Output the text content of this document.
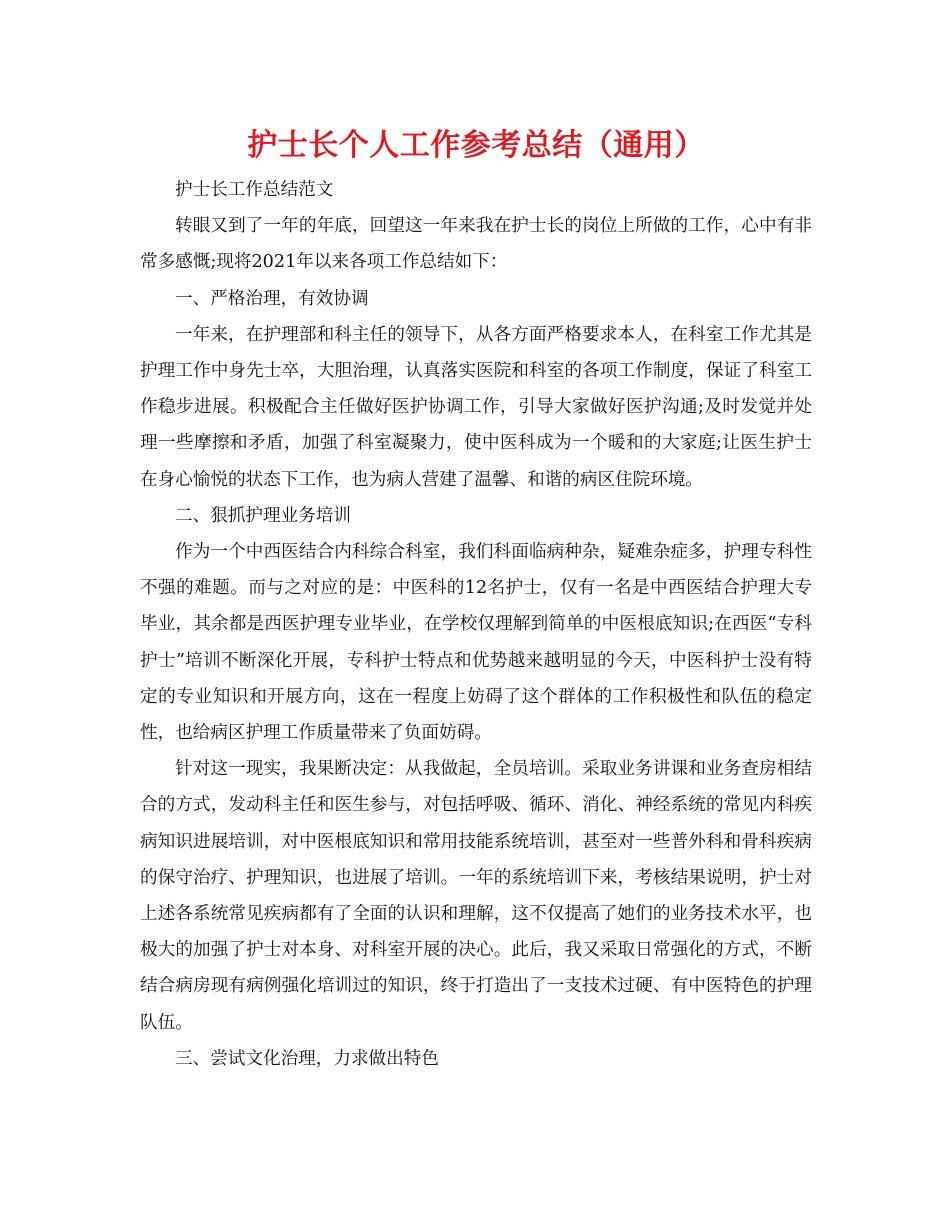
护士长个人工作参考总结（通用）

护士长工作总结范文

转眼又到了一年的年底，回望这一年来我在护士长的岗位上所做的工作，心中有非常多感慨;现将2021年以来各项工作总结如下：

一、严格治理，有效协调

一年来，在护理部和科主任的领导下，从各方面严格要求本人，在科室工作尤其是护理工作中身先士卒，大胆治理，认真落实医院和科室的各项工作制度，保证了科室工作稳步进展。积极配合主任做好医护协调工作，引导大家做好医护沟通;及时发觉并处理一些摩擦和矛盾，加强了科室凝聚力，使中医科成为一个暖和的大家庭;让医生护士在身心愉悦的状态下工作，也为病人营建了温馨、和谐的病区住院环境。

二、狠抓护理业务培训

作为一个中西医结合内科综合科室，我们科面临病种杂，疑难杂症多，护理专科性不强的难题。而与之对应的是：中医科的12名护士，仅有一名是中西医结合护理大专毕业，其余都是西医护理专业毕业，在学校仅理解到简单的中医根底知识;在西医“专科护士”培训不断深化开展，专科护士特点和优势越来越明显的今天，中医科护士没有特定的专业知识和开展方向，这在一程度上妨碍了这个群体的工作积极性和队伍的稳定性，也给病区护理工作质量带来了负面妨碍。

针对这一现实，我果断决定：从我做起，全员培训。采取业务讲课和业务查房相结合的方式，发动科主任和医生参与，对包括呼吸、循环、消化、神经系统的常见内科疾病知识进展培训，对中医根底知识和常用技能系统培训，甚至对一些普外科和骨科疾病的保守治疗、护理知识，也进展了培训。一年的系统培训下来，考核结果说明，护士对上述各系统常见疾病都有了全面的认识和理解，这不仅提高了她们的业务技术水平，也极大的加强了护士对本身、对科室开展的决心。此后，我又采取日常强化的方式，不断结合病房现有病例强化培训过的知识，终于打造出了一支技术过硬、有中医特色的护理队伍。

三、尝试文化治理，力求做出特色
